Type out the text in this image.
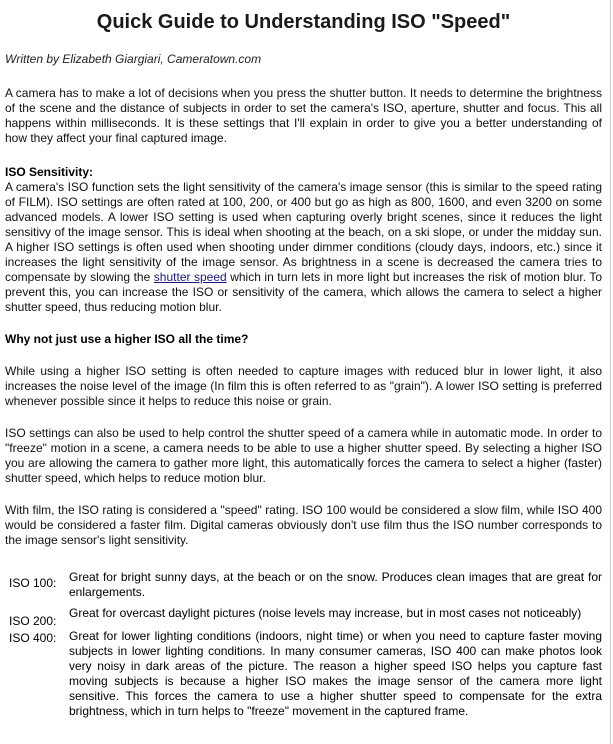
Quick Guide to Understanding ISO "Speed"
Written by Elizabeth Giargiari, Cameratown.com

A camera has to make a lot of decisions when you press the shutter button. It needs to determine the brightness of the scene and the distance of subjects in order to set the camera's ISO, aperture, shutter and focus. This all happens within milliseconds. It is these settings that I'll explain in order to give you a better understanding of how they affect your final captured image.

ISO Sensitivity:

A camera's ISO function sets the light sensitivity of the camera's image sensor (this is similar to the speed rating of FILM). ISO settings are often rated at 100, 200, or 400 but go as high as 800, 1600, and even 3200 on some advanced models. A lower ISO setting is used when capturing overly bright scenes, since it reduces the light sensitivy of the image sensor. This is ideal when shooting at the beach, on a ski slope, or under the midday sun. A higher ISO settings is often used when shooting under dimmer conditions (cloudy days, indoors, etc.) since it increases the light sensitivity of the image sensor. As brightness in a scene is decreased the camera tries to compensate by slowing the shutter speed which in turn lets in more light but increases the risk of motion blur. To prevent this, you can increase the ISO or sensitivity of the camera, which allows the camera to select a higher shutter speed, thus reducing motion blur.

Why not just use a higher ISO all the time?

While using a higher ISO setting is often needed to capture images with reduced blur in lower light, it also increases the noise level of the image (In film this is often referred to as "grain"). A lower ISO setting is preferred whenever possible since it helps to reduce this noise or grain.

ISO settings can also be used to help control the shutter speed of a camera while in automatic mode. In order to "freeze" motion in a scene, a camera needs to be able to use a higher shutter speed. By selecting a higher ISO you are allowing the camera to gather more light, this automatically forces the camera to select a higher (faster) shutter speed, which helps to reduce motion blur.

With film, the ISO rating is considered a "speed" rating. ISO 100 would be considered a slow film, while ISO 400 would be considered a faster film. Digital cameras obviously don't use film thus the ISO number corresponds to the image sensor's light sensitivity.

ISO 100:	Great for bright sunny days, at the beach or on the snow. Produces clean images that are great for enlargements.
ISO 200:	Great for overcast daylight pictures (noise levels may increase, but in most cases not noticeably)
ISO 400:	Great for lower lighting conditions (indoors, night time) or when you need to capture faster moving subjects in lower lighting conditions. In many consumer cameras, ISO 400 can make photos look very noisy in dark areas of the picture. The reason a higher speed ISO helps you capture fast moving subjects is because a higher ISO makes the image sensor of the camera more light sensitive. This forces the camera to use a higher shutter speed to compensate for the extra brightness, which in turn helps to "freeze" movement in the captured frame.
